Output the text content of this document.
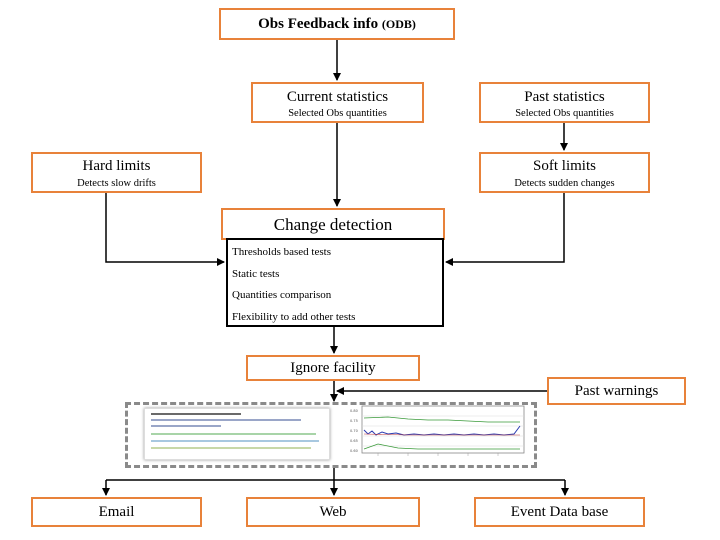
Obs Feedback info (ODB)
Current statistics
Selected Obs quantities
Past statistics
Selected Obs quantities
Hard limits
Detects slow drifts
Soft limits
Detects sudden changes
Change detection
Thresholds based tests
Static tests
Quantities comparison
Flexibility to add other tests
Ignore facility
Past warnings
0.80
0.75
0.70
0.65
0.60
Email	Web	Event Data base
